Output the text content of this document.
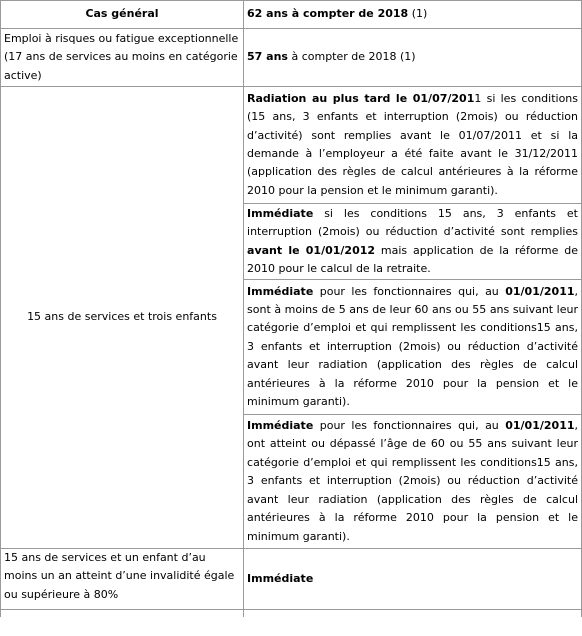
Cas général	62 ans à compter de 2018 (1)
Emploi à risques ou fatigue exceptionnelle (17 ans de services au moins en catégorie active)	57 ans à compter de 2018 (1)
15 ans de services et trois enfants	Radiation au plus tard le 01/07/2011 si les conditions (15 ans, 3 enfants et interruption (2mois) ou réduction d’activité) sont remplies avant le 01/07/2011 et si la demande à l’employeur a été faite avant le 31/12/2011 (application des règles de calcul antérieures à la réforme 2010 pour la pension et le minimum garanti).
	Immédiate si les conditions 15 ans, 3 enfants et interruption (2mois) ou réduction d’activité sont remplies avant le 01/01/2012 mais application de la réforme de 2010 pour le calcul de la retraite.
	Immédiate pour les fonctionnaires qui, au 01/01/2011, sont à moins de 5 ans de leur 60 ans ou 55 ans suivant leur catégorie d’emploi et qui remplissent les conditions15 ans, 3 enfants et interruption (2mois) ou réduction d’activité avant leur radiation (application des règles de calcul antérieures à la réforme 2010 pour la pension et le minimum garanti).
	Immédiate pour les fonctionnaires qui, au 01/01/2011, ont atteint ou dépassé l’âge de 60 ou 55 ans suivant leur catégorie d’emploi et qui remplissent les conditions15 ans, 3 enfants et interruption (2mois) ou réduction d’activité avant leur radiation (application des règles de calcul antérieures à la réforme 2010 pour la pension et le minimum garanti).
15 ans de services et un enfant d’au moins un an atteint d’une invalidité égale ou supérieure à 80%	Immédiate
